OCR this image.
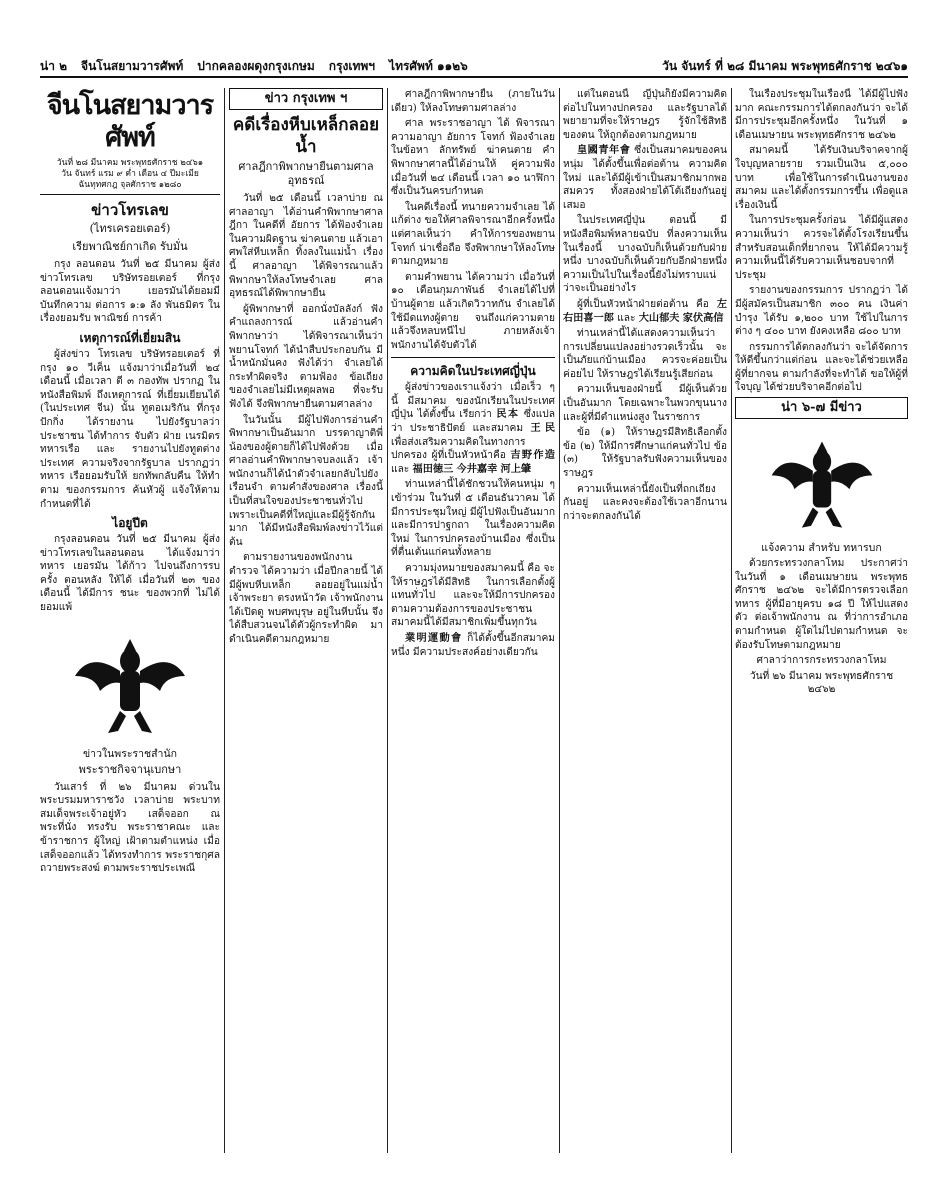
น่า ๒ จีนโนสยามวารศัพท์ ปากคลองผดุงกรุงเกษม กรุงเทพฯ ไทรศัพท์ ๑๑๒๖	วัน จันทร์ ที่ ๒๘ มีนาคม พระพุทธศักราช ๒๔๖๑
จีนโนสยามวารศัพท์
วันที่ ๒๘ มีนาคม พระพุทธศักราช ๒๔๖๑
วัน จันทร์ แรม ๙ ค่ำ เดือน ๔ ปีมะเมีย
ฉันทุทศกฎ จุลศักราช ๑๒๘๐
ข่าวโทรเลข
(ไทรเครอยเตอร์)
เรียพาณิชย์กาเกิด รับมั่น

กรุง ลอนดอน วันที่ ๒๕ มีนาคม ผู้ส่งข่าวโทรเลข บริษัทรอยเตอร์ ที่กรุงลอนดอนแจ้งมาว่า เยอรมันได้ยอมมีบันทึกความ ต่อการ ๑:๑ ลัง พันธมิตร ในเรื่องยอมรับ พาณิชย์ การค้า

เหตุการณ์ที่เยี่ยมสิน

ผู้ส่งข่าว โทรเลข บริษัทรอยเตอร์ ที่กรุง ๑๐ วีเค็น แจ้งมาว่าเมื่อวันที่ ๒๔ เดือนนี้ เมื่อเวลา ตี ๓ กองทัพ ปรากฏ ในหนังสือพิมพ์ ถึงเหตุการณ์ ที่เยี่ยมเยียนได้ (ในประเทศ จีน) นั้น ทูตอเมริกัน ที่กรุง ปักกิ่ง ได้รายงาน ไปยังรัฐบาลว่า ประชาชน ได้ทำการ จับตัว ฝ่าย เนรมิตร ทหารเรือ และ รายงานไปยังทูตต่างประเทศ ความจริงจากรัฐบาล ปรากฏว่า ทหาร เรือยอมรับให้ ยกทัพกลับคืน ให้ทำตาม ของกรรมการ ค้นหัวผู้ แจ้งให้ตามกำหนดที่ได้

ไอยูปีต

กรุงลอนดอน วันที่ ๒๕ มีนาคม ผู้ส่งข่าวโทรเลขในลอนดอน ได้แจ้งมาว่า ทหาร เยอรมัน ได้ก้าว ไปจนถึงการรบ ครั้ง ตอนหลัง ให้ได้ เมื่อวันที่ ๒๓ ของเดือนนี้ ได้มีการ ชนะ ของพวกที่ ไม่ได้ยอมแพ้

ข่าวในพระราชสำนัก
พระราชกิจจานุเบกษา

วันเสาร์ ที่ ๒๖ มีนาคม ด่วนในพระบรมมหาราชวัง เวลาบ่าย พระบาทสมเด็จพระเจ้าอยู่หัว เสด็จออก ณ พระที่นั่ง ทรงรับ พระราชาคณะ และข้าราชการ ผู้ใหญ่ เฝ้าตามตำแหน่ง เมื่อเสด็จออกแล้ว ได้ทรงทำการ พระราชกุศล ถวายพระสงฆ์ ตามพระราชประเพณี

ข่าว กรุงเทพ ฯ
คดีเรื่องหีบเหล็กลอยน้ำ
ศาลฎีกาพิพากษายืนตามศาลอุทธรณ์

วันที่ ๒๕ เดือนนี้ เวลาบ่าย ณ ศาลอาญา ได้อ่านคำพิพากษาศาลฎีกา ในคดีที่ อัยการ ได้ฟ้องจำเลย ในความผิดฐาน ฆ่าคนตาย แล้วเอาศพใส่หีบเหล็ก ทิ้งลงในแม่น้ำ เรื่องนี้ ศาลอาญา ได้พิจารณาแล้ว พิพากษาให้ลงโทษจำเลย ศาลอุทธรณ์ได้พิพากษายืน

ผู้พิพากษาที่ ออกนั่งบัลลังก์ ฟังคำแถลงการณ์ แล้วอ่านคำพิพากษาว่า ได้พิจารณาเห็นว่า พยานโจทก์ ได้นำสืบประกอบกัน มีน้ำหนักมั่นคง ฟังได้ว่า จำเลยได้กระทำผิดจริง ตามฟ้อง ข้อเถียงของจำเลยไม่มีเหตุผลพอ ที่จะรับฟังได้ จึงพิพากษายืนตามศาลล่าง

ในวันนั้น มีผู้ไปฟังการอ่านคำพิพากษาเป็นอันมาก บรรดาญาติพี่น้องของผู้ตายก็ได้ไปฟังด้วย เมื่อศาลอ่านคำพิพากษาจบลงแล้ว เจ้าพนักงานก็ได้นำตัวจำเลยกลับไปยังเรือนจำ ตามคำสั่งของศาล เรื่องนี้เป็นที่สนใจของประชาชนทั่วไป เพราะเป็นคดีที่ใหญ่และมีผู้รู้จักกันมาก ได้มีหนังสือพิมพ์ลงข่าวไว้แต่ต้น

ตามรายงานของพนักงาน ตำรวจ ได้ความว่า เมื่อปีกลายนี้ ได้มีผู้พบหีบเหล็ก ลอยอยู่ในแม่น้ำเจ้าพระยา ตรงหน้าวัด เจ้าพนักงานได้เปิดดู พบศพบุรุษ อยู่ในหีบนั้น จึงได้สืบสวนจนได้ตัวผู้กระทำผิด มาดำเนินคดีตามกฎหมาย

ศาลฎีกาพิพากษายืน (ภายในวันเดียว) ให้ลงโทษตามศาลล่าง

ศาล พระราชอาญา ได้ พิจารณาความอาญา อัยการ โจทก์ ฟ้องจำเลย ในข้อหา ลักทรัพย์ ฆ่าคนตาย คำพิพากษาศาลนี้ได้อ่านให้ คู่ความฟังเมื่อวันที่ ๒๔ เดือนนี้ เวลา ๑๐ นาฬิกา ซึ่งเป็นวันครบกำหนด

ในคดีเรื่องนี้ ทนายความจำเลย ได้แก้ต่าง ขอให้ศาลพิจารณาอีกครั้งหนึ่ง แต่ศาลเห็นว่า คำให้การของพยาน โจทก์ น่าเชื่อถือ จึงพิพากษาให้ลงโทษตามกฎหมาย

ตามคำพยาน ได้ความว่า เมื่อวันที่ ๑๐ เดือนกุมภาพันธ์ จำเลยได้ไปที่บ้านผู้ตาย แล้วเกิดวิวาทกัน จำเลยได้ใช้มีดแทงผู้ตาย จนถึงแก่ความตาย แล้วจึงหลบหนีไป ภายหลังเจ้าพนักงานได้จับตัวได้

ความคิดในประเทศญี่ปุ่น

ผู้ส่งข่าวของเราแจ้งว่า เมื่อเร็ว ๆ นี้ มีสมาคม ของนักเรียนในประเทศญี่ปุ่น ได้ตั้งขึ้น เรียกว่า 民本 ซึ่งแปลว่า ประชาธิปัตย์ และสมาคม 王民 เพื่อส่งเสริมความคิดในทางการปกครอง ผู้ที่เป็นหัวหน้าคือ 吉野作造 และ 福田徳三 今井嘉幸 河上肇

ท่านเหล่านี้ได้ชักชวนให้คนหนุ่ม ๆ เข้าร่วม ในวันที่ ๕ เดือนธันวาคม ได้มีการประชุมใหญ่ มีผู้ไปฟังเป็นอันมาก และมีการปาฐกถา ในเรื่องความคิดใหม่ ในการปกครองบ้านเมือง ซึ่งเป็นที่ตื่นเต้นแก่คนทั้งหลาย

ความมุ่งหมายของสมาคมนี้ คือ จะให้ราษฎรได้มีสิทธิ ในการเลือกตั้งผู้แทนทั่วไป และจะให้มีการปกครองตามความต้องการของประชาชน สมาคมนี้ได้มีสมาชิกเพิ่มขึ้นทุกวัน

業明運動會 ก็ได้ตั้งขึ้นอีกสมาคมหนึ่ง มีความประสงค์อย่างเดียวกัน

แต่ในตอนนี้ ญี่ปุ่นก็ยังมีความคิดต่อไปในทางปกครอง และรัฐบาลได้พยายามที่จะให้ราษฎร รู้จักใช้สิทธิ ของตน ให้ถูกต้องตามกฎหมาย

皇國青年會 ซึ่งเป็นสมาคมของคนหนุ่ม ได้ตั้งขึ้นเพื่อต่อต้าน ความคิดใหม่ และได้มีผู้เข้าเป็นสมาชิกมากพอสมควร ทั้งสองฝ่ายได้โต้เถียงกันอยู่เสมอ

ในประเทศญี่ปุ่น ตอนนี้ มีหนังสือพิมพ์หลายฉบับ ที่ลงความเห็นในเรื่องนี้ บางฉบับก็เห็นด้วยกับฝ่ายหนึ่ง บางฉบับก็เห็นด้วยกับอีกฝ่ายหนึ่ง ความเป็นไปในเรื่องนี้ยังไม่ทราบแน่ว่าจะเป็นอย่างไร

ผู้ที่เป็นหัวหน้าฝ่ายต่อต้าน คือ 左右田喜一郎 และ 大山郁夫 家伏高信

ท่านเหล่านี้ได้แสดงความเห็นว่า การเปลี่ยนแปลงอย่างรวดเร็วนั้น จะเป็นภัยแก่บ้านเมือง ควรจะค่อยเป็นค่อยไป ให้ราษฎรได้เรียนรู้เสียก่อน

ความเห็นของฝ่ายนี้ มีผู้เห็นด้วยเป็นอันมาก โดยเฉพาะในพวกขุนนาง และผู้ที่มีตำแหน่งสูง ในราชการ

ข้อ (๑) ให้ราษฎรมีสิทธิเลือกตั้ง ข้อ (๒) ให้มีการศึกษาแก่คนทั่วไป ข้อ (๓) ให้รัฐบาลรับฟังความเห็นของราษฎร

ความเห็นเหล่านี้ยังเป็นที่ถกเถียงกันอยู่ และคงจะต้องใช้เวลาอีกนาน กว่าจะตกลงกันได้

ในเรื่องประชุมในเรื่องนี้ ได้มีผู้ไปฟังมาก คณะกรรมการได้ตกลงกันว่า จะได้มีการประชุมอีกครั้งหนึ่ง ในวันที่ ๑ เดือนเมษายน พระพุทธศักราช ๒๔๖๒

สมาคมนี้ ได้รับเงินบริจาคจากผู้ใจบุญหลายราย รวมเป็นเงิน ๕,๐๐๐ บาท เพื่อใช้ในการดำเนินงานของสมาคม และได้ตั้งกรรมการขึ้น เพื่อดูแลเรื่องเงินนี้

ในการประชุมครั้งก่อน ได้มีผู้แสดงความเห็นว่า ควรจะได้ตั้งโรงเรียนขึ้น สำหรับสอนเด็กที่ยากจน ให้ได้มีความรู้ ความเห็นนี้ได้รับความเห็นชอบจากที่ประชุม

รายงานของกรรมการ ปรากฏว่า ได้มีผู้สมัครเป็นสมาชิก ๓๐๐ คน เงินค่าบำรุง ได้รับ ๑,๒๐๐ บาท ใช้ไปในการต่าง ๆ ๔๐๐ บาท ยังคงเหลือ ๘๐๐ บาท

กรรมการได้ตกลงกันว่า จะได้จัดการให้ดีขึ้นกว่าแต่ก่อน และจะได้ช่วยเหลือผู้ที่ยากจน ตามกำลังที่จะทำได้ ขอให้ผู้ที่ใจบุญ ได้ช่วยบริจาคอีกต่อไป

น่า ๖-๗ มีข่าว
แจ้งความ สำหรับ ทหารบก

ด้วยกระทรวงกลาโหม ประกาศว่า ในวันที่ ๑ เดือนเมษายน พระพุทธศักราช ๒๔๖๒ จะได้มีการตรวจเลือกทหาร ผู้ที่มีอายุครบ ๑๘ ปี ให้ไปแสดงตัว ต่อเจ้าพนักงาน ณ ที่ว่าการอำเภอ ตามกำหนด ผู้ใดไม่ไปตามกำหนด จะต้องรับโทษตามกฎหมาย

ศาลาว่าการกระทรวงกลาโหม

วันที่ ๒๖ มีนาคม พระพุทธศักราช ๒๔๖๒
